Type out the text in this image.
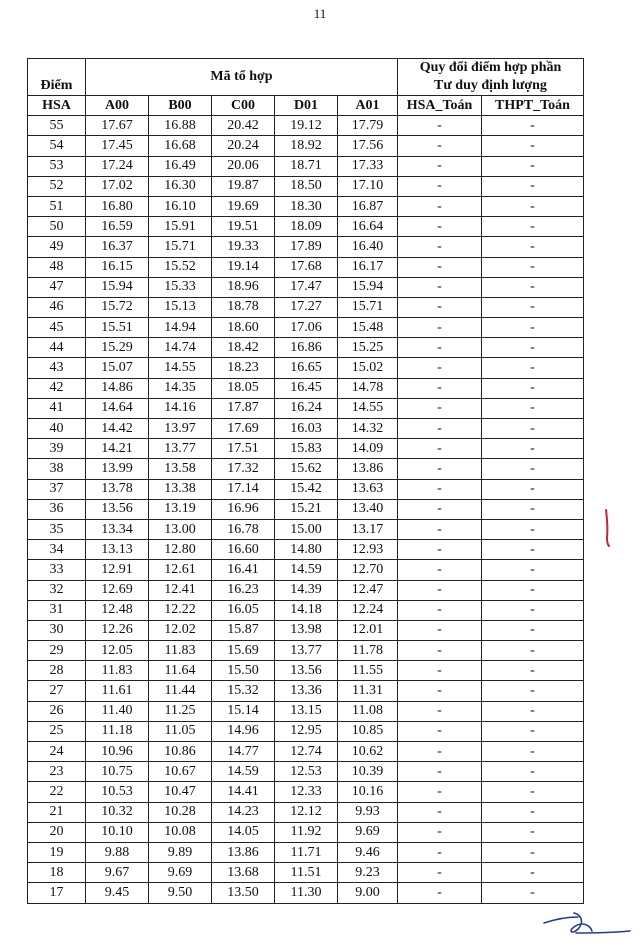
11
Điểm	Mã tổ hợp					Quy đổi điểm hợp phần
Tư duy định lượng	

HSA	A00	B00	C00	D01	A01	HSA_Toán	THPT_Toán
55	17.67	16.88	20.42	19.12	17.79	-	-
54	17.45	16.68	20.24	18.92	17.56	-	-
53	17.24	16.49	20.06	18.71	17.33	-	-
52	17.02	16.30	19.87	18.50	17.10	-	-
51	16.80	16.10	19.69	18.30	16.87	-	-
50	16.59	15.91	19.51	18.09	16.64	-	-
49	16.37	15.71	19.33	17.89	16.40	-	-
48	16.15	15.52	19.14	17.68	16.17	-	-
47	15.94	15.33	18.96	17.47	15.94	-	-
46	15.72	15.13	18.78	17.27	15.71	-	-
45	15.51	14.94	18.60	17.06	15.48	-	-
44	15.29	14.74	18.42	16.86	15.25	-	-
43	15.07	14.55	18.23	16.65	15.02	-	-
42	14.86	14.35	18.05	16.45	14.78	-	-
41	14.64	14.16	17.87	16.24	14.55	-	-
40	14.42	13.97	17.69	16.03	14.32	-	-
39	14.21	13.77	17.51	15.83	14.09	-	-
38	13.99	13.58	17.32	15.62	13.86	-	-
37	13.78	13.38	17.14	15.42	13.63	-	-
36	13.56	13.19	16.96	15.21	13.40	-	-
35	13.34	13.00	16.78	15.00	13.17	-	-
34	13.13	12.80	16.60	14.80	12.93	-	-
33	12.91	12.61	16.41	14.59	12.70	-	-
32	12.69	12.41	16.23	14.39	12.47	-	-
31	12.48	12.22	16.05	14.18	12.24	-	-
30	12.26	12.02	15.87	13.98	12.01	-	-
29	12.05	11.83	15.69	13.77	11.78	-	-
28	11.83	11.64	15.50	13.56	11.55	-	-
27	11.61	11.44	15.32	13.36	11.31	-	-
26	11.40	11.25	15.14	13.15	11.08	-	-
25	11.18	11.05	14.96	12.95	10.85	-	-
24	10.96	10.86	14.77	12.74	10.62	-	-
23	10.75	10.67	14.59	12.53	10.39	-	-
22	10.53	10.47	14.41	12.33	10.16	-	-
21	10.32	10.28	14.23	12.12	9.93	-	-
20	10.10	10.08	14.05	11.92	9.69	-	-
19	9.88	9.89	13.86	11.71	9.46	-	-
18	9.67	9.69	13.68	11.51	9.23	-	-
17	9.45	9.50	13.50	11.30	9.00	-	-
